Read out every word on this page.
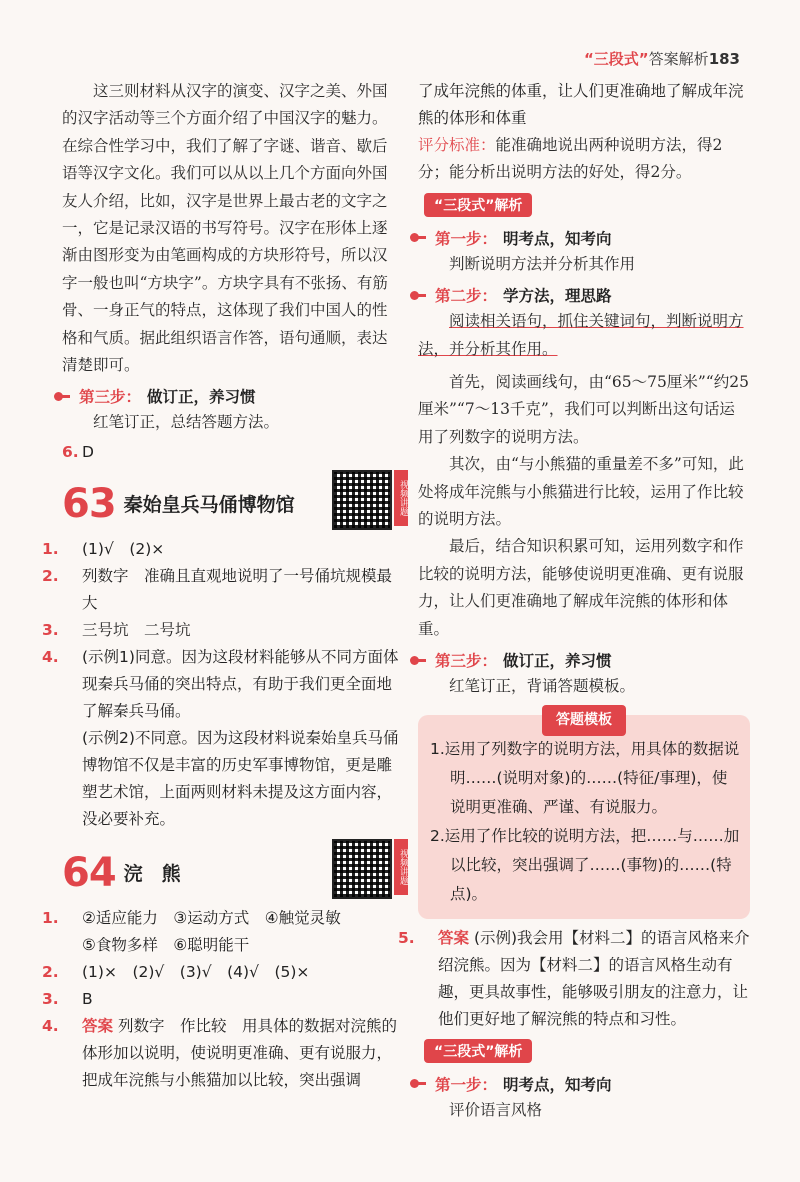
“三段式”答案解析183

这三则材料从汉字的演变、汉字之美、外国的汉字活动等三个方面介绍了中国汉字的魅力。在综合性学习中，我们了解了字谜、谐音、歇后语等汉字文化。我们可以从以上几个方面向外国友人介绍，比如，汉字是世界上最古老的文字之一，它是记录汉语的书写符号。汉字在形体上逐渐由图形变为由笔画构成的方块形符号，所以汉字一般也叫“方块字”。方块字具有不张扬、有筋骨、一身正气的特点，这体现了我们中国人的性格和气质。据此组织语言作答，语句通顺，表达清楚即可。

第三步： 做订正，养习惯
红笔订正，总结答题方法。
6. D
63 秦始皇兵马俑博物馆	视频讲题

1. (1)√　(2)×

2. 列数字　准确且直观地说明了一号俑坑规模最大

3. 三号坑　二号坑

4. (示例1)同意。因为这段材料能够从不同方面体现秦兵马俑的突出特点，有助于我们更全面地了解秦兵马俑。

(示例2)不同意。因为这段材料说秦始皇兵马俑博物馆不仅是丰富的历史军事博物馆，更是雕塑艺术馆，上面两则材料未提及这方面内容，没必要补充。

64 浣　熊	视频讲题

1. ②适应能力　③运动方式　④触觉灵敏

⑤食物多样　⑥聪明能干

2. (1)×　(2)√　(3)√　(4)√　(5)×

3. B

4. 答案 列数字　作比较　用具体的数据对浣熊的体形加以说明，使说明更准确、更有说服力，把成年浣熊与小熊猫加以比较，突出强调

了成年浣熊的体重，让人们更准确地了解成年浣熊的体形和体重
评分标准：能准确地说出两种说明方法，得2分；能分析出说明方法的好处，得2分。
“三段式”解析
第一步： 明考点，知考向
判断说明方法并分析其作用
第二步： 学方法，理思路
阅读相关语句，抓住关键词句，判断说明方法，并分析其作用。
首先，阅读画线句，由“65～75厘米”“约25厘米”“7～13千克”，我们可以判断出这句话运用了列数字的说明方法。
其次，由“与小熊猫的重量差不多”可知，此处将成年浣熊与小熊猫进行比较，运用了作比较的说明方法。
最后，结合知识积累可知，运用列数字和作比较的说明方法，能够使说明更准确、更有说服力，让人们更准确地了解成年浣熊的体形和体重。
第三步： 做订正，养习惯
红笔订正，背诵答题模板。
答题模板

1.运用了列数字的说明方法，用具体的数据说明……(说明对象)的……(特征/事理)，使说明更准确、严谨、有说服力。

2.运用了作比较的说明方法，把……与……加以比较，突出强调了……(事物)的……(特点)。

5. 答案 (示例)我会用【材料二】的语言风格来介绍浣熊。因为【材料二】的语言风格生动有趣，更具故事性，能够吸引朋友的注意力，让他们更好地了解浣熊的特点和习性。

“三段式”解析
第一步： 明考点，知考向
评价语言风格
